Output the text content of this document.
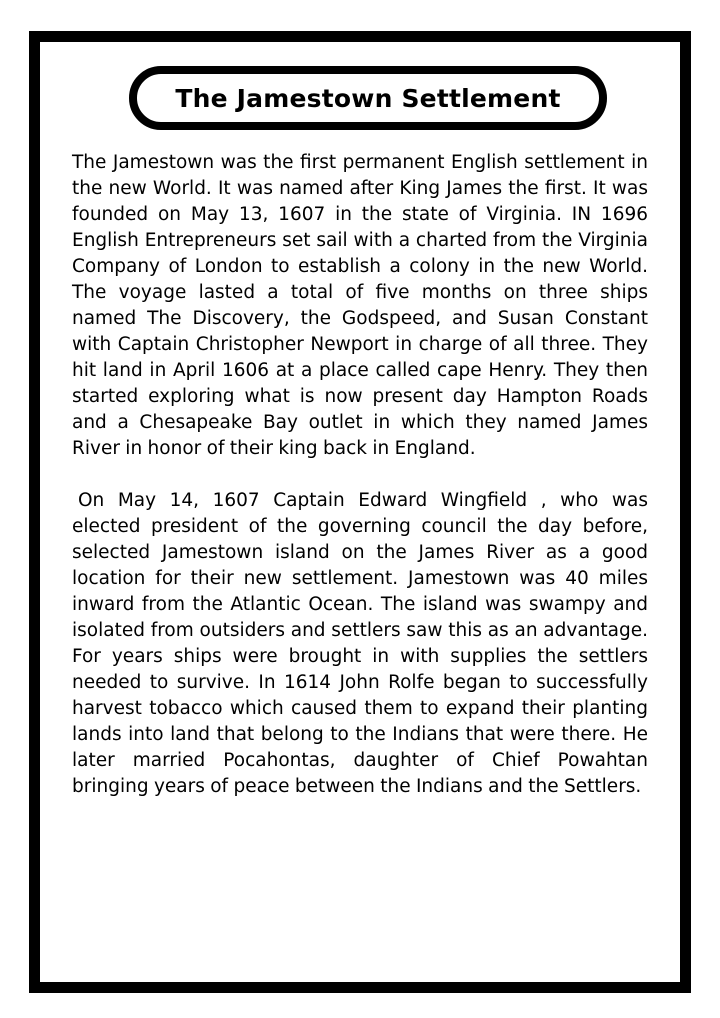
The Jamestown Settlement

The Jamestown was the first permanent English settlement in the new World. It was named after King James the first. It was founded on May 13, 1607 in the state of Virginia. IN 1696 English Entrepreneurs set sail with a charted from the Virginia Company of London to establish a colony in the new World. The voyage lasted a total of five months on three ships named The Discovery, the Godspeed, and Susan Constant with Captain Christopher Newport in charge of all three. They hit land in April 1606 at a place called cape Henry. They then started exploring what is now present day Hampton Roads and a Chesapeake Bay outlet in which they named James River in honor of their king back in England.

On May 14, 1607 Captain Edward Wingfield , who was elected president of the governing council the day before, selected Jamestown island on the James River as a good location for their new settlement. Jamestown was 40 miles inward from the Atlantic Ocean. The island was swampy and isolated from outsiders and settlers saw this as an advantage. For years ships were brought in with supplies the settlers needed to survive. In 1614 John Rolfe began to successfully harvest tobacco which caused them to expand their planting lands into land that belong to the Indians that were there. He later married Pocahontas, daughter of Chief Powahtan bringing years of peace between the Indians and the Settlers.
